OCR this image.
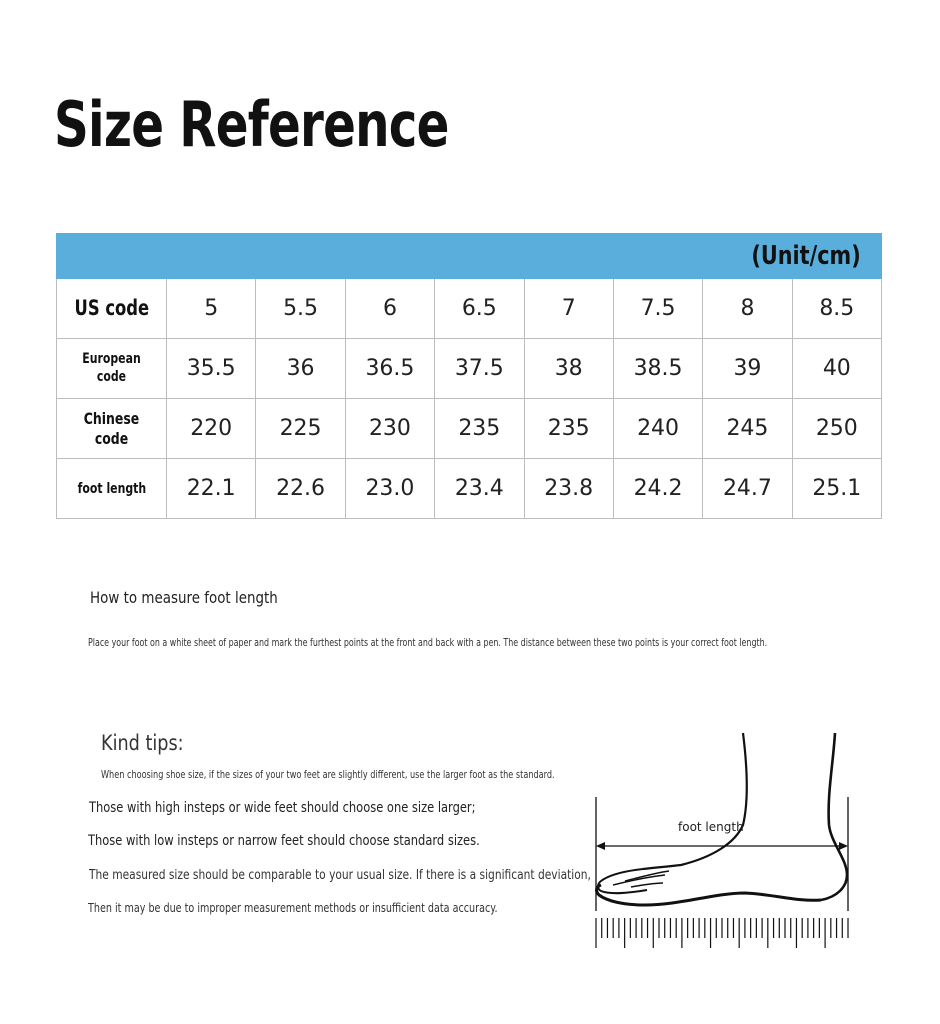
Size Reference
(Unit/cm)								
US code	5	5.5	6	6.5	7	7.5	8	8.5
European
code	35.5	36	36.5	37.5	38	38.5	39	40
Chinese code	220	225	230	235	235	240	245	250
foot length	22.1	22.6	23.0	23.4	23.8	24.2	24.7	25.1
How to measure foot length
Place your foot on a white sheet of paper and mark the furthest points at the front and back with a pen. The distance between these two points is your correct foot length.
Kind tips:
When choosing shoe size, if the sizes of your two feet are slightly different, use the larger foot as the standard.
Those with high insteps or wide feet should choose one size larger;
Those with low insteps or narrow feet should choose standard sizes.
The measured size should be comparable to your usual size. If there is a significant deviation,
Then it may be due to improper measurement methods or insufficient data accuracy.
foot length
